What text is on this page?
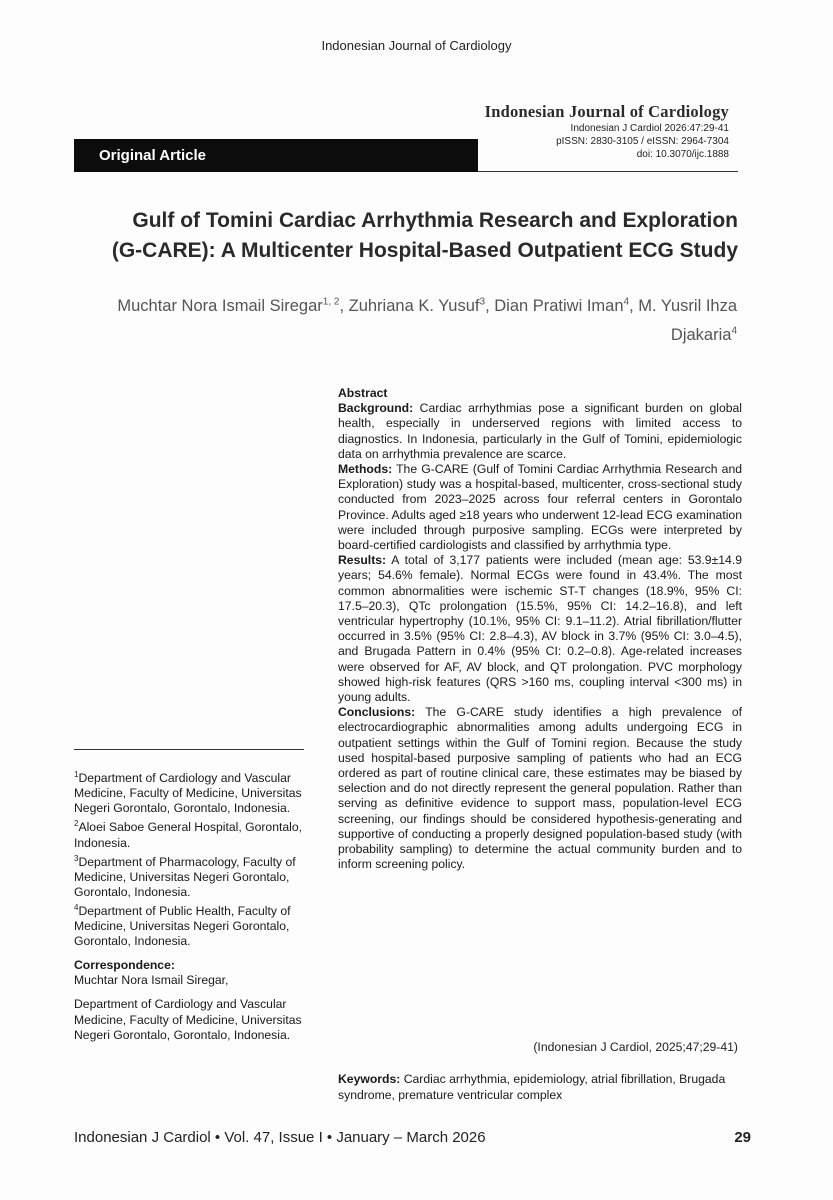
Indonesian Journal of Cardiology
Indonesian Journal of Cardiology
Indonesian J Cardiol 2026:47:29-41
pISSN: 2830-3105 / eISSN: 2964-7304
doi: 10.3070/ijc.1888
Original Article
Gulf of Tomini Cardiac Arrhythmia Research and Exploration
(G-CARE): A Multicenter Hospital-Based Outpatient ECG Study
Muchtar Nora Ismail Siregar$^{1, 2}$, Zuhriana K. Yusuf$^3$, Dian Pratiwi Iman$^4$, M. Yusril Ihza Djakaria$^4$

Abstract

Background: Cardiac arrhythmias pose a significant burden on global health, especially in underserved regions with limited access to diagnostics. In Indonesia, particularly in the Gulf of Tomini, epidemiologic data on arrhythmia prevalence are scarce.

Methods: The G-CARE (Gulf of Tomini Cardiac Arrhythmia Research and Exploration) study was a hospital-based, multicenter, cross-sectional study conducted from 2023–2025 across four referral centers in Gorontalo Province. Adults aged ≥18 years who underwent 12-lead ECG examination were included through purposive sampling. ECGs were interpreted by board-certified cardiologists and classified by arrhythmia type.

Results: A total of 3,177 patients were included (mean age: 53.9±14.9 years; 54.6% female). Normal ECGs were found in 43.4%. The most common abnormalities were ischemic ST-T changes (18.9%, 95% CI: 17.5–20.3), QTc prolongation (15.5%, 95% CI: 14.2–16.8), and left ventricular hypertrophy (10.1%, 95% CI: 9.1–11.2). Atrial fibrillation/flutter occurred in 3.5% (95% CI: 2.8–4.3), AV block in 3.7% (95% CI: 3.0–4.5), and Brugada Pattern in 0.4% (95% CI: 0.2–0.8). Age-related increases were observed for AF, AV block, and QT prolongation. PVC morphology showed high-risk features (QRS >160 ms, coupling interval <300 ms) in young adults.

Conclusions: The G-CARE study identifies a high prevalence of electrocardiographic abnormalities among adults undergoing ECG in outpatient settings within the Gulf of Tomini region. Because the study used hospital-based purposive sampling of patients who had an ECG ordered as part of routine clinical care, these estimates may be biased by selection and do not directly represent the general population. Rather than serving as definitive evidence to support mass, population-level ECG screening, our findings should be considered hypothesis-generating and supportive of conducting a properly designed population-based study (with probability sampling) to determine the actual community burden and to inform screening policy.

(Indonesian J Cardiol, 2025;47;29-41)
Keywords: Cardiac arrhythmia, epidemiology, atrial fibrillation, Brugada syndrome, premature ventricular complex

$^1$Department of Cardiology and Vascular Medicine, Faculty of Medicine, Universitas Negeri Gorontalo, Gorontalo, Indonesia.

$^2$Aloei Saboe General Hospital, Gorontalo, Indonesia.

$^3$Department of Pharmacology, Faculty of Medicine, Universitas Negeri Gorontalo, Gorontalo, Indonesia.

$^4$Department of Public Health, Faculty of Medicine, Universitas Negeri Gorontalo, Gorontalo, Indonesia.

Correspondence:

Muchtar Nora Ismail Siregar,

Department of Cardiology and Vascular Medicine, Faculty of Medicine, Universitas Negeri Gorontalo, Gorontalo, Indonesia.

Indonesian J Cardiol • Vol. 47, Issue I • January – March 2026	29
